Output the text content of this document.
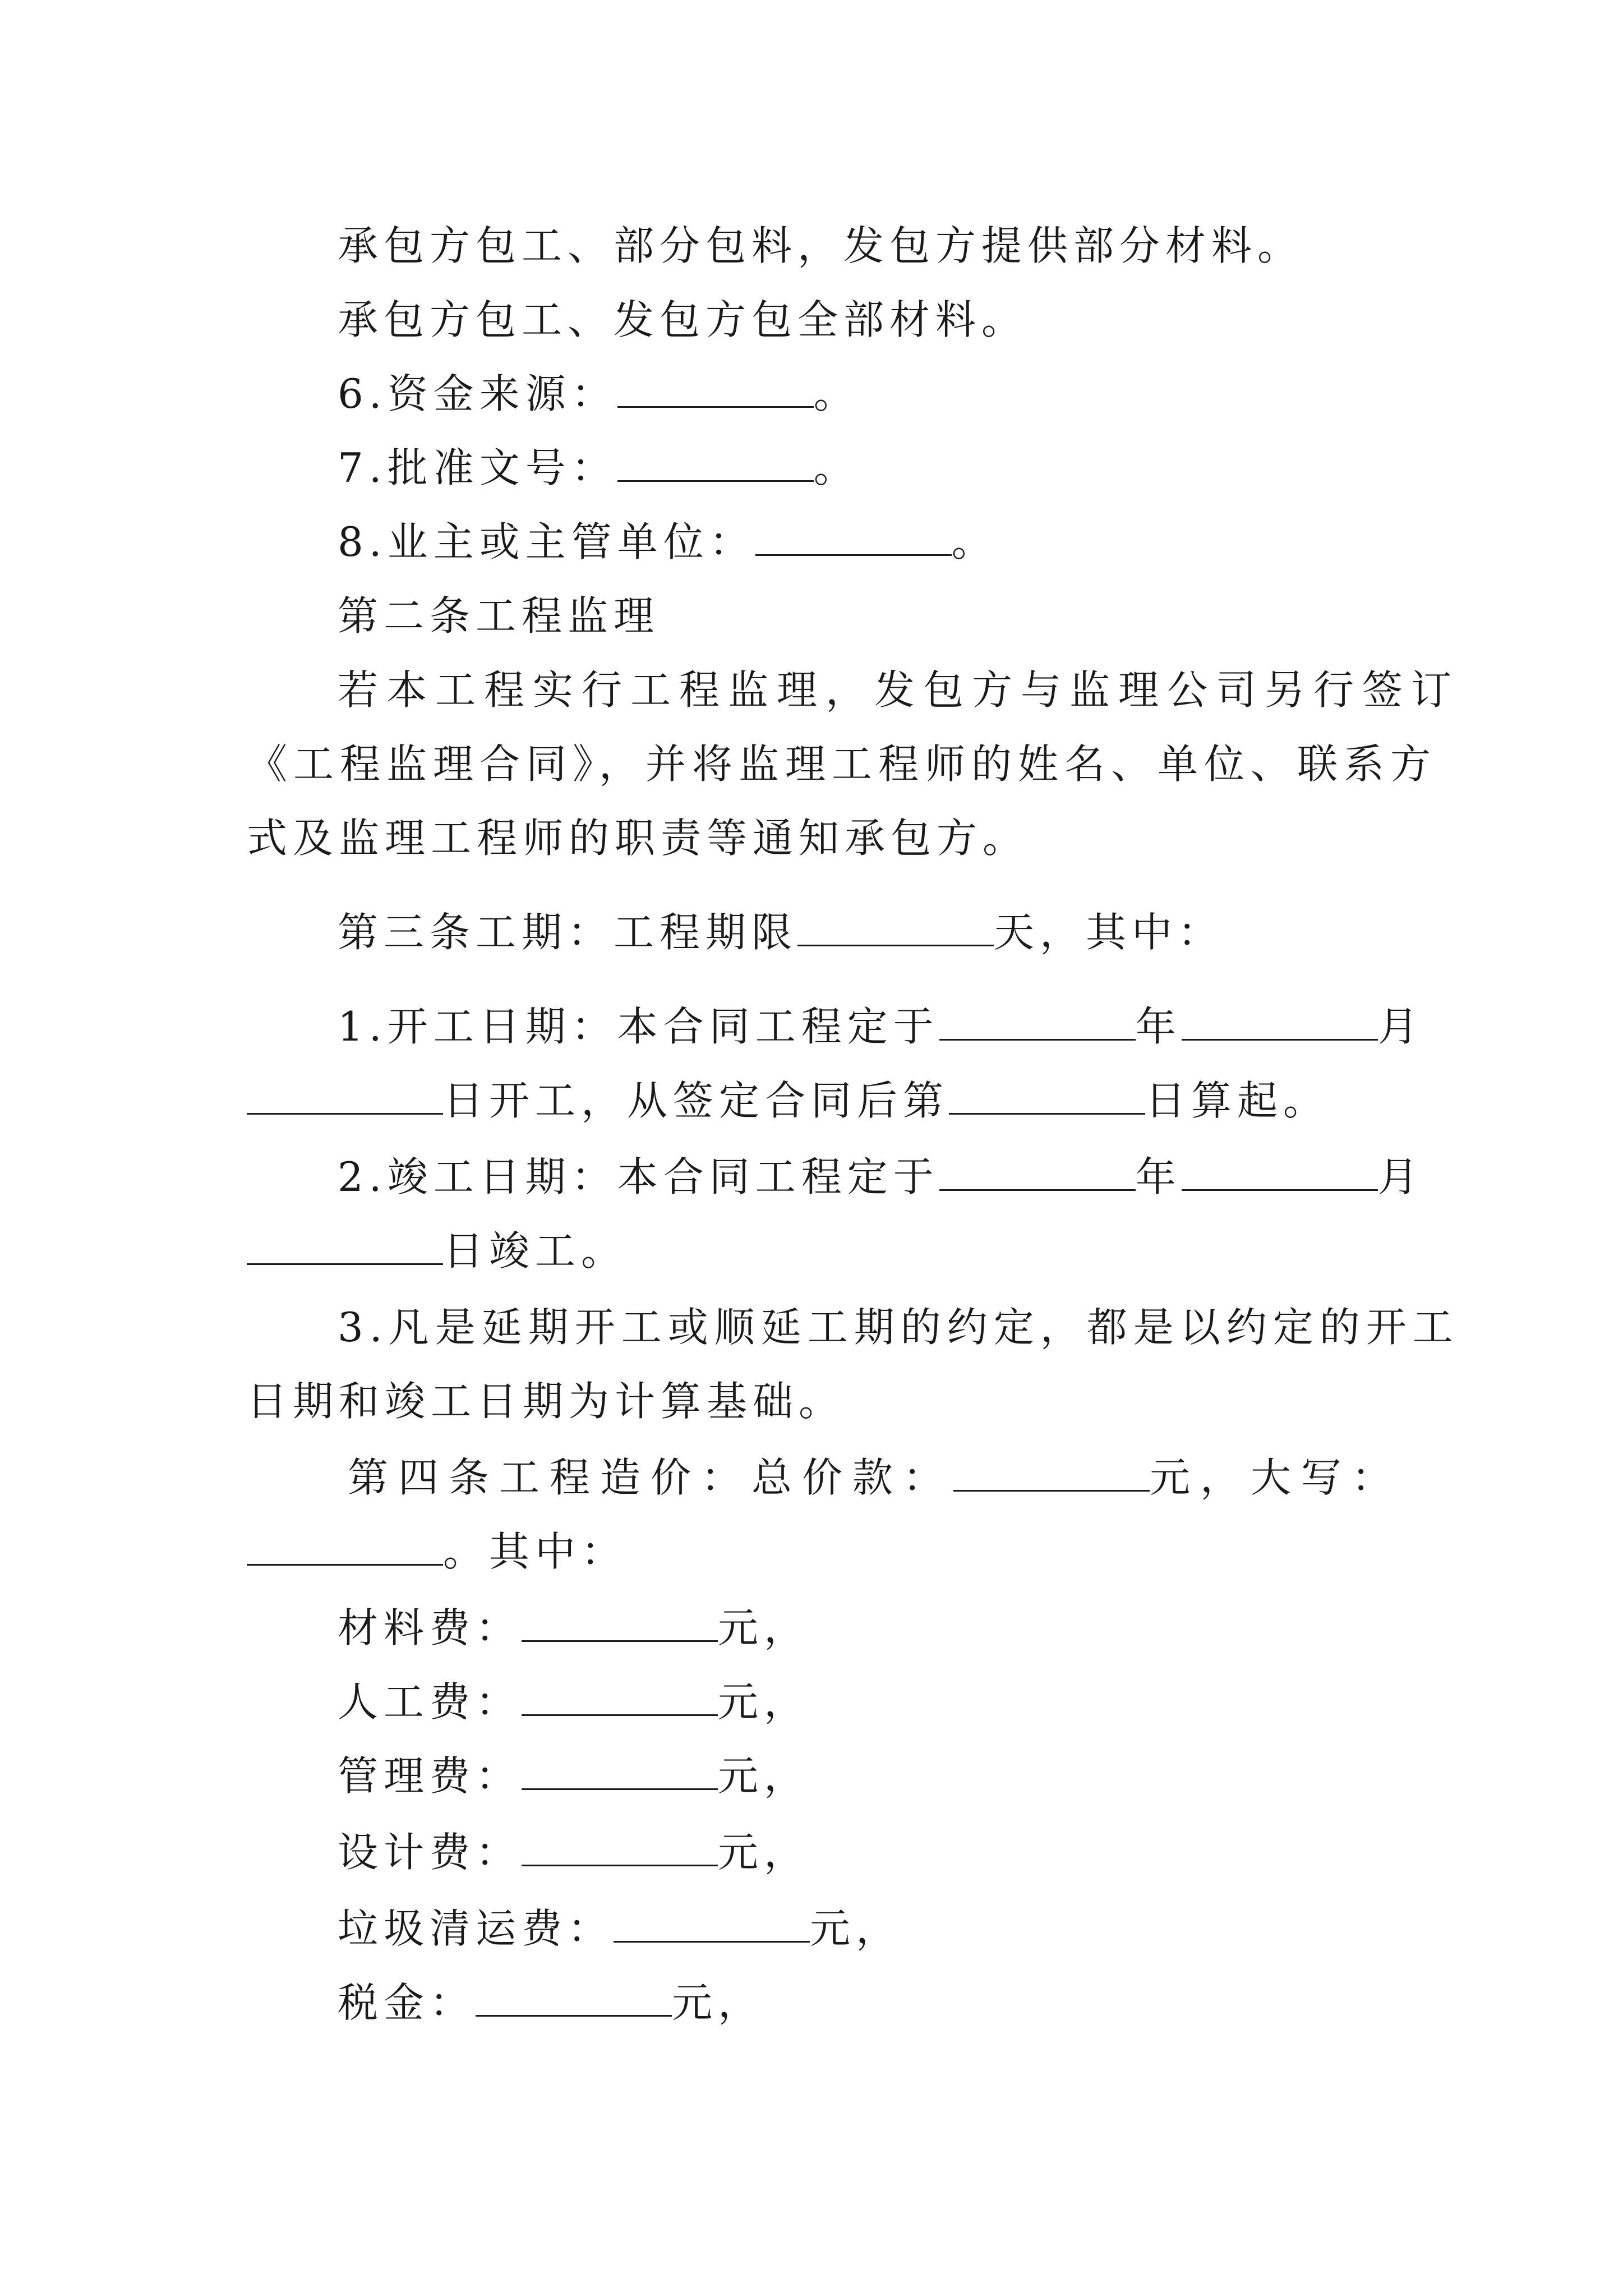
承包方包工、部分包料，发包方提供部分材料。
承包方包工、发包方包全部材料。
6.资金来源：	。
7.批准文号：	。
8.业主或主管单位：	。
第二条工程监理
若本工程实行工程监理，发包方与监理公司另行签订
《工程监理合同》，并将监理工程师的姓名、单位、联系方
式及监理工程师的职责等通知承包方。
第三条工期：工程期限	天，其中：
1.开工日期：本合同工程定于	年	月
日开工，从签定合同后第	日算起。
2.竣工日期：本合同工程定于	年	月
日竣工。
3.凡是延期开工或顺延工期的约定，都是以约定的开工
日期和竣工日期为计算基础。
第四条工程造价：总价款：	元，大写：
。其中：
材料费：	元，
人工费：	元，
管理费：	元，
设计费：	元，
垃圾清运费：	元，
税金：	元，
